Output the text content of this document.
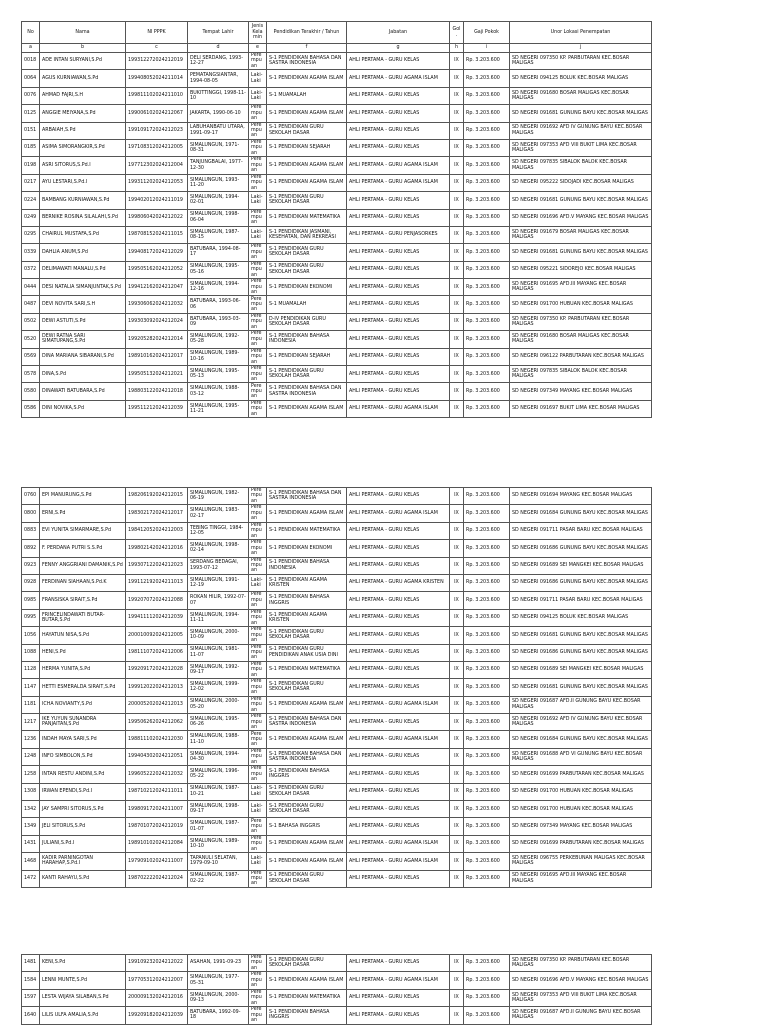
No	Nama	NI PPPK	Tempat Lahir	Jenis Kelamin	Pendidikan Terakhir / Tahun	Jabatan	Gol.	Gaji Pokok	Unor Lokasi Penempatan
a	b	c	d	e	f	g	h	i	j
0018	ADE INTAN SURYANI,S.Pd	199312272024212019	DELI SERDANG, 1993-12-27	Perempuan	S-1 PENDIDIKAN BAHASA DAN SASTRA INDONESIA	AHLI PERTAMA - GURU KELAS	IX	Rp. 3.203.600	SD NEGERI 097350 KP. PARBUTARAN KEC.BOSAR MALIGAS
0064	AGUS KURNIAWAN,S.Pd	199408052024211014	PEMATANGSIANTAR, 1994-08-05	Laki-Laki	S-1 PENDIDIKAN AGAMA ISLAM	AHLI PERTAMA - GURU AGAMA ISLAM	IX	Rp. 3.203.600	SD NEGERI 094125 BOLUK KEC.BOSAR MALIGAS
0076	AHMAD FAJRI,S.H	199811102024211010	BUKITTINGGI, 1998-11-10	Laki-Laki	S-1 MUAMALAH	AHLI PERTAMA - GURU KELAS	IX	Rp. 3.203.600	SD NEGERI 091680 BOSAR MALIGAS KEC.BOSAR MALIGAS
0125	ANGGIE MEIYANA,S.Pd	199006102024212067	JAKARTA, 1990-06-10	Perempuan	S-1 PENDIDIKAN AGAMA ISLAM	AHLI PERTAMA - GURU KELAS	IX	Rp. 3.203.600	SD NEGERI 091681 GUNUNG BAYU KEC.BOSAR MALIGAS
0151	ARBAIAH,S.Pd	199109172024212023	LABUHANBATU UTARA, 1991-09-17	Perempuan	S-1 PENDIDIKAN GURU SEKOLAH DASAR	AHLI PERTAMA - GURU KELAS	IX	Rp. 3.203.600	SD NEGERI 091692 AFD IV GUNUNG BAYU KEC.BOSAR MALIGAS
0185	ASIMA SIMORANGKIR,S.Pd	197108312024212005	SIMALUNGUN, 1971-08-31	Perempuan	S-1 PENDIDIKAN SEJARAH	AHLI PERTAMA - GURU KELAS	IX	Rp. 3.203.600	SD NEGERI 097353 AFD VIII BUKIT LIMA KEC.BOSAR MALIGAS
0198	ASRI SITORUS,S.Pd.I	197712302024212004	TANJUNGBALAI, 1977-12-30	Perempuan	S-1 PENDIDIKAN AGAMA ISLAM	AHLI PERTAMA - GURU AGAMA ISLAM	IX	Rp. 3.203.600	SD NEGERI 097835 SIBALOK BALOK KEC.BOSAR MALIGAS
0217	AYU LESTARI,S.Pd.I	199311202024212053	SIMALUNGUN, 1993-11-20	Perempuan	S-1 PENDIDIKAN AGAMA ISLAM	AHLI PERTAMA - GURU AGAMA ISLAM	IX	Rp. 3.203.600	SD NEGERI 095222 SIDOJADI KEC.BOSAR MALIGAS
0224	BAMBANG KURNIAWAN,S.Pd	199402012024211019	SIMALUNGUN, 1994-02-01	Laki-Laki	S-1 PENDIDIKAN GURU SEKOLAH DASAR	AHLI PERTAMA - GURU KELAS	IX	Rp. 3.203.600	SD NEGERI 091681 GUNUNG BAYU KEC.BOSAR MALIGAS
0249	BERNIKE ROSINA SILALAHI,S.Pd	199806042024212022	SIMALUNGUN, 1998-06-04	Perempuan	S-1 PENDIDIKAN MATEMATIKA	AHLI PERTAMA - GURU KELAS	IX	Rp. 3.203.600	SD NEGERI 091696 AFD.V MAYANG KEC.BOSAR MALIGAS
0295	CHAIRUL MUSTAFA,S.Pd	198708152024211015	SIMALUNGUN, 1987-08-15	Laki-Laki	S-1 PENDIDIKAN JASMANI, KESEHATAN, DAN REKREASI	AHLI PERTAMA - GURU PENJASORKES	IX	Rp. 3.203.600	SD NEGERI 091679 BOSAR MALIGAS KEC.BOSAR MALIGAS
0339	DAHLIA ANUM,S.Pd	199408172024212029	BATUBARA, 1994-08-17	Perempuan	S-1 PENDIDIKAN GURU SEKOLAH DASAR	AHLI PERTAMA - GURU KELAS	IX	Rp. 3.203.600	SD NEGERI 091681 GUNUNG BAYU KEC.BOSAR MALIGAS
0372	DELIMAWATI MANALU,S.Pd	199505162024212052	SIMALUNGUN, 1995-05-16	Perempuan	S-1 PENDIDIKAN GURU SEKOLAH DASAR	AHLI PERTAMA - GURU KELAS	IX	Rp. 3.203.600	SD NEGERI 095221 SIDOREJO KEC.BOSAR MALIGAS
0444	DESI NATALIA SIMANJUNTAK,S.Pd	199412162024212047	SIMALUNGUN, 1994-12-16	Perempuan	S-1 PENDIDIKAN EKONOMI	AHLI PERTAMA - GURU KELAS	IX	Rp. 3.203.600	SD NEGERI 091695 AFD.III MAYANG KEC.BOSAR MALIGAS
0487	DEVI NOVITA SARI,S.H	199306062024212032	BATUBARA, 1993-06-06	Perempuan	S-1 MUAMALAH	AHLI PERTAMA - GURU KELAS	IX	Rp. 3.203.600	SD NEGERI 091700 HUBUAN KEC.BOSAR MALIGAS
0502	DEWI ASTUTI,S.Pd	199303092024212024	BATUBARA, 1993-03-09	Perempuan	D-IV PENDIDIKAN GURU SEKOLAH DASAR	AHLI PERTAMA - GURU KELAS	IX	Rp. 3.203.600	SD NEGERI 097350 KP. PARBUTARAN KEC.BOSAR MALIGAS
0520	DEWI RATNA SARI SIMATUPANG,S.Pd	199205282024212014	SIMALUNGUN, 1992-05-28	Perempuan	S-1 PENDIDIKAN BAHASA INDONESIA	AHLI PERTAMA - GURU KELAS	IX	Rp. 3.203.600	SD NEGERI 091680 BOSAR MALIGAS KEC.BOSAR MALIGAS
0569	DINA MARIANA SIBARANI,S.Pd	198910162024212017	SIMALUNGUN, 1989-10-16	Perempuan	S-1 PENDIDIKAN SEJARAH	AHLI PERTAMA - GURU KELAS	IX	Rp. 3.203.600	SD NEGERI 096122 PARBUTARAN KEC.BOSAR MALIGAS
0578	DINA,S.Pd	199505132024212021	SIMALUNGUN, 1995-05-13	Perempuan	S-1 PENDIDIKAN GURU SEKOLAH DASAR	AHLI PERTAMA - GURU KELAS	IX	Rp. 3.203.600	SD NEGERI 097835 SIBALOK BALOK KEC.BOSAR MALIGAS
0580	DINAWATI BATUBARA,S.Pd	198803122024212018	SIMALUNGUN, 1988-03-12	Perempuan	S-1 PENDIDIKAN BAHASA DAN SASTRA INDONESIA	AHLI PERTAMA - GURU KELAS	IX	Rp. 3.203.600	SD NEGERI 097349 MAYANG KEC.BOSAR MALIGAS
0586	DINI NOVIKA,S.Pd	199511212024212039	SIMALUNGUN, 1995-11-21	Perempuan	S-1 PENDIDIKAN AGAMA ISLAM	AHLI PERTAMA - GURU AGAMA ISLAM	IX	Rp. 3.203.600	SD NEGERI 091697 BUKIT LIMA KEC.BOSAR MALIGAS
0760	EPI MANURUNG,S.Pd	198206192024212015	SIMALUNGUN, 1982-06-19	Perempuan	S-1 PENDIDIKAN BAHASA DAN SASTRA INDONESIA	AHLI PERTAMA - GURU KELAS	IX	Rp. 3.203.600	SD NEGERI 091694 MAYANG KEC.BOSAR MALIGAS
0800	ERNI,S.Pd	198302172024212017	SIMALUNGUN, 1983-02-17	Perempuan	S-1 PENDIDIKAN AGAMA ISLAM	AHLI PERTAMA - GURU AGAMA ISLAM	IX	Rp. 3.203.600	SD NEGERI 091684 GUNUNG BAYU KEC.BOSAR MALIGAS
0883	EVI YUNITA SIMARMARE,S.Pd	198412052024212003	TEBING TINGGI, 1984-12-05	Perempuan	S-1 PENDIDIKAN MATEMATIKA	AHLI PERTAMA - GURU KELAS	IX	Rp. 3.203.600	SD NEGERI 091711 PASAR BARU KEC.BOSAR MALIGAS
0892	F. PERDANA PUTRI S.S.Pd	199802142024212016	SIMALUNGUN, 1998-02-14	Perempuan	S-1 PENDIDIKAN EKONOMI	AHLI PERTAMA - GURU KELAS	IX	Rp. 3.203.600	SD NEGERI 091686 GUNUNG BAYU KEC.BOSAR MALIGAS
0923	FENNY ANGGRIANI DAMANIK,S.Pd	199307122024212023	SERDANG BEDAGAI, 1993-07-12	Perempuan	S-1 PENDIDIKAN BAHASA INDONESIA	AHLI PERTAMA - GURU KELAS	IX	Rp. 3.203.600	SD NEGERI 091689 SEI MANGKEI KEC.BOSAR MALIGAS
0928	FERDINAN SIAHAAN,S.Pd.K	199112192024211013	SIMALUNGUN, 1991-12-19	Laki-Laki	S-1 PENDIDIKAN AGAMA KRISTEN	AHLI PERTAMA - GURU AGAMA KRISTEN	IX	Rp. 3.203.600	SD NEGERI 091686 GUNUNG BAYU KEC.BOSAR MALIGAS
0985	FRANSISKA SIRAIT,S.Pd	199207072024212088	ROKAN HILIR, 1992-07-07	Perempuan	S-1 PENDIDIKAN BAHASA INGGRIS	AHLI PERTAMA - GURU KELAS	IX	Rp. 3.203.600	SD NEGERI 091711 PASAR BARU KEC.BOSAR MALIGAS
0995	FRINCELINDAWATI BUTAR-BUTAR,S.Pd	199411112024212039	SIMALUNGUN, 1994-11-11	Perempuan	S-1 PENDIDIKAN AGAMA KRISTEN	AHLI PERTAMA - GURU KELAS	IX	Rp. 3.203.600	SD NEGERI 094125 BOLUK KEC.BOSAR MALIGAS
1056	HAYATUN NISA,S.Pd	200010092024212005	SIMALUNGUN, 2000-10-09	Perempuan	S-1 PENDIDIKAN GURU SEKOLAH DASAR	AHLI PERTAMA - GURU KELAS	IX	Rp. 3.203.600	SD NEGERI 091681 GUNUNG BAYU KEC.BOSAR MALIGAS
1088	HENI,S.Pd	198111072024212006	SIMALUNGUN, 1981-11-07	Perempuan	S-1 PENDIDIKAN GURU PENDIDIKAN ANAK USIA DINI	AHLI PERTAMA - GURU KELAS	IX	Rp. 3.203.600	SD NEGERI 091686 GUNUNG BAYU KEC.BOSAR MALIGAS
1128	HERMA YUNITA,S.Pd	199209172024212028	SIMALUNGUN, 1992-09-17	Perempuan	S-1 PENDIDIKAN MATEMATIKA	AHLI PERTAMA - GURU KELAS	IX	Rp. 3.203.600	SD NEGERI 091689 SEI MANGKEI KEC.BOSAR MALIGAS
1147	HETTI ESMERALDA SIRAIT,S.Pd	199912022024212013	SIMALUNGUN, 1999-12-02	Perempuan	S-1 PENDIDIKAN GURU SEKOLAH DASAR	AHLI PERTAMA - GURU KELAS	IX	Rp. 3.203.600	SD NEGERI 091681 GUNUNG BAYU KEC.BOSAR MALIGAS
1181	ICHA NOVIANTY,S.Pd	200005202024212013	SIMALUNGUN, 2000-05-20	Perempuan	S-1 PENDIDIKAN AGAMA ISLAM	AHLI PERTAMA - GURU AGAMA ISLAM	IX	Rp. 3.203.600	SD NEGERI 091687 AFD.II GUNUNG BAYU KEC.BOSAR MALIGAS
1217	IKE YUYUN SUNANDRA PANJAITAN,S.Pd	199506262024212062	SIMALUNGUN, 1995-06-26	Perempuan	S-1 PENDIDIKAN BAHASA DAN SASTRA INDONESIA	AHLI PERTAMA - GURU KELAS	IX	Rp. 3.203.600	SD NEGERI 091692 AFD IV GUNUNG BAYU KEC.BOSAR MALIGAS
1236	INDAH MAYA SARI,S.Pd	198811102024212030	SIMALUNGUN, 1988-11-10	Perempuan	S-1 PENDIDIKAN AGAMA ISLAM	AHLI PERTAMA - GURU AGAMA ISLAM	IX	Rp. 3.203.600	SD NEGERI 091684 GUNUNG BAYU KEC.BOSAR MALIGAS
1248	INFO SIMBOLON,S.Pd	199404302024212051	SIMALUNGUN, 1994-04-30	Perempuan	S-1 PENDIDIKAN BAHASA DAN SASTRA INDONESIA	AHLI PERTAMA - GURU KELAS	IX	Rp. 3.203.600	SD NEGERI 091688 AFD VI GUNUNG BAYU KEC.BOSAR MALIGAS
1258	INTAN RESTU ANDINI,S.Pd	199605222024212032	SIMALUNGUN, 1996-05-22	Perempuan	S-1 PENDIDIKAN BAHASA INGGRIS	AHLI PERTAMA - GURU KELAS	IX	Rp. 3.203.600	SD NEGERI 091699 PARBUTARAN KEC.BOSAR MALIGAS
1308	IRWAN EPENDI,S.Pd.I	198710212024211011	SIMALUNGUN, 1987-10-21	Laki-Laki	S-1 PENDIDIKAN GURU SEKOLAH DASAR	AHLI PERTAMA - GURU KELAS	IX	Rp. 3.203.600	SD NEGERI 091700 HUBUAN KEC.BOSAR MALIGAS
1342	JAY SAMPRI SITORUS,S.Pd	199809172024211007	SIMALUNGUN, 1998-09-17	Laki-Laki	S-1 PENDIDIKAN GURU SEKOLAH DASAR	AHLI PERTAMA - GURU KELAS	IX	Rp. 3.203.600	SD NEGERI 091700 HUBUAN KEC.BOSAR MALIGAS
1349	JELI SITORUS,S.Pd	198701072024212019	SIMALUNGUN, 1987-01-07	Perempuan	S-1 BAHASA INGGRIS	AHLI PERTAMA - GURU KELAS	IX	Rp. 3.203.600	SD NEGERI 097349 MAYANG KEC.BOSAR MALIGAS
1431	JULIANI,S.Pd.I	198910102024212084	SIMALUNGUN, 1989-10-10	Perempuan	S-1 PENDIDIKAN AGAMA ISLAM	AHLI PERTAMA - GURU AGAMA ISLAM	IX	Rp. 3.203.600	SD NEGERI 091699 PARBUTARAN KEC.BOSAR MALIGAS
1468	KADIR PARNINGOTAN HARAHAP,S.Pd.I	197909102024211007	TAPANULI SELATAN, 1979-09-10	Laki-Laki	S-1 PENDIDIKAN AGAMA ISLAM	AHLI PERTAMA - GURU AGAMA ISLAM	IX	Rp. 3.203.600	SD NEGERI 096755 PERKEBUNAN MALIGAS KEC.BOSAR MALIGAS
1472	KANTI RAHAYU,S.Pd	198702222024212024	SIMALUNGUN, 1987-02-22	Perempuan	S-1 PENDIDIKAN GURU SEKOLAH DASAR	AHLI PERTAMA - GURU KELAS	IX	Rp. 3.203.600	SD NEGERI 091695 AFD.III MAYANG KEC.BOSAR MALIGAS
1481	KENI,S.Pd	199109232024212022	ASAHAN, 1991-09-23	Perempuan	S-1 PENDIDIKAN GURU SEKOLAH DASAR	AHLI PERTAMA - GURU KELAS	IX	Rp. 3.203.600	SD NEGERI 097350 KP. PARBUTARAN KEC.BOSAR MALIGAS
1584	LENNI MUNTE,S.Pd	197705312024212007	SIMALUNGUN, 1977-05-31	Perempuan	S-1 PENDIDIKAN AGAMA ISLAM	AHLI PERTAMA - GURU AGAMA ISLAM	IX	Rp. 3.203.600	SD NEGERI 091696 AFD.V MAYANG KEC.BOSAR MALIGAS
1597	LESTA WIJAYA SILABAN,S.Pd	200009132024212016	SIMALUNGUN, 2000-09-13	Perempuan	S-1 PENDIDIKAN MATEMATIKA	AHLI PERTAMA - GURU KELAS	IX	Rp. 3.203.600	SD NEGERI 097353 AFD VIII BUKIT LIMA KEC.BOSAR MALIGAS
1640	LILIS ULFA AMALIA,S.Pd	199209182024212039	BATUBARA, 1992-09-18	Perempuan	S-1 PENDIDIKAN BAHASA INGGRIS	AHLI PERTAMA - GURU KELAS	IX	Rp. 3.203.600	SD NEGERI 091687 AFD.II GUNUNG BAYU KEC.BOSAR MALIGAS
